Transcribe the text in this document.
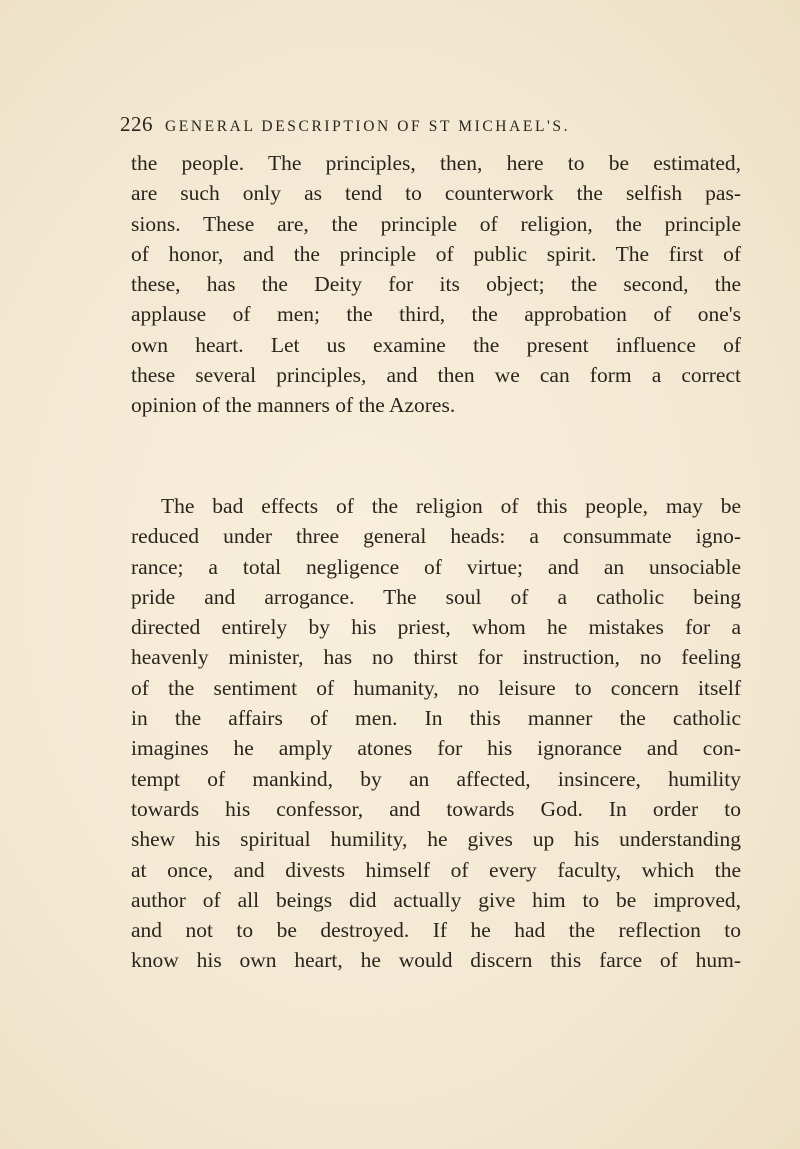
226 GENERAL DESCRIPTION OF ST MICHAEL'S.
the people. The principles, then, here to be estimated,
are such only as tend to counterwork the selfish pas-
sions. These are, the principle of religion, the principle
of honor, and the principle of public spirit. The first of
these, has the Deity for its object; the second, the
applause of men; the third, the approbation of one's
own heart. Let us examine the present influence of
these several principles, and then we can form a correct
opinion of the manners of the Azores.
The bad effects of the religion of this people, may be
reduced under three general heads: a consummate igno-
rance; a total negligence of virtue; and an unsociable
pride and arrogance. The soul of a catholic being
directed entirely by his priest, whom he mistakes for a
heavenly minister, has no thirst for instruction, no feeling
of the sentiment of humanity, no leisure to concern itself
in the affairs of men. In this manner the catholic
imagines he amply atones for his ignorance and con-
tempt of mankind, by an affected, insincere, humility
towards his confessor, and towards God. In order to
shew his spiritual humility, he gives up his understanding
at once, and divests himself of every faculty, which the
author of all beings did actually give him to be improved,
and not to be destroyed. If he had the reflection to
know his own heart, he would discern this farce of hum-
